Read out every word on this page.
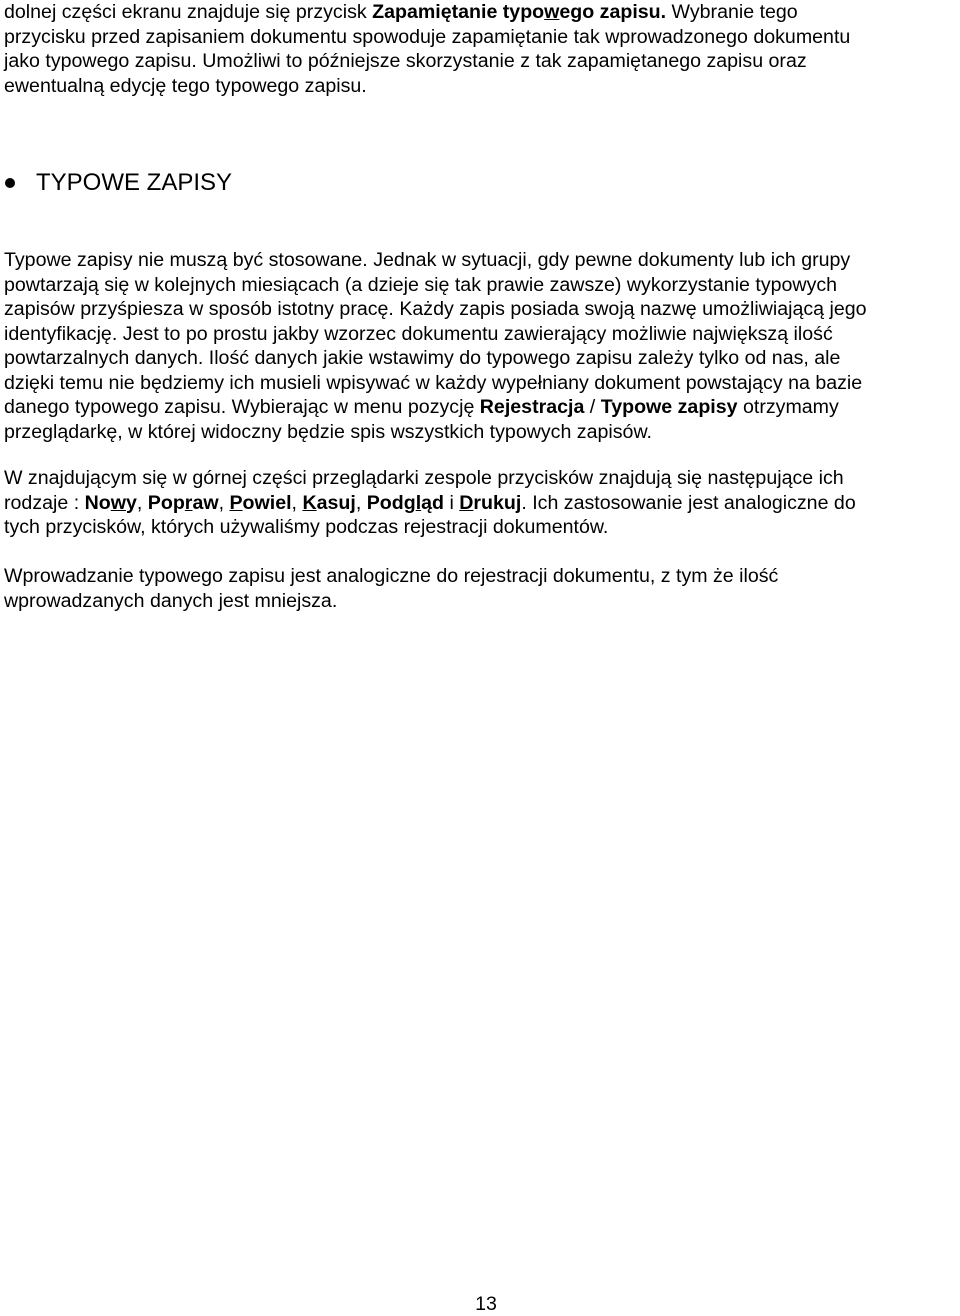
dolnej części ekranu znajduje się przycisk Zapamiętanie typowego zapisu. Wybranie tego
przycisku przed zapisaniem dokumentu spowoduje zapamiętanie tak wprowadzonego dokumentu
jako typowego zapisu. Umożliwi to późniejsze skorzystanie z tak zapamiętanego zapisu oraz
ewentualną edycję tego typowego zapisu.

TYPOWE ZAPISY

Typowe zapisy nie muszą być stosowane. Jednak w sytuacji, gdy pewne dokumenty lub ich grupy
powtarzają się w kolejnych miesiącach (a dzieje się tak prawie zawsze) wykorzystanie typowych
zapisów przyśpiesza w sposób istotny pracę. Każdy zapis posiada swoją nazwę umożliwiającą jego
identyfikację. Jest to po prostu jakby wzorzec dokumentu zawierający możliwie największą ilość
powtarzalnych danych. Ilość danych jakie wstawimy do typowego zapisu zależy tylko od nas, ale
dzięki temu nie będziemy ich musieli wpisywać w każdy wypełniany dokument powstający na bazie
danego typowego zapisu. Wybierając w menu pozycję Rejestracja / Typowe zapisy otrzymamy
przeglądarkę, w której widoczny będzie spis wszystkich typowych zapisów.

W znajdującym się w górnej części przeglądarki zespole przycisków znajdują się następujące ich
rodzaje : Nowy, Popraw, Powiel, Kasuj, Podgląd i Drukuj. Ich zastosowanie jest analogiczne do
tych przycisków, których używaliśmy podczas rejestracji dokumentów.

Wprowadzanie typowego zapisu jest analogiczne do rejestracji dokumentu, z tym że ilość
wprowadzanych danych jest mniejsza.

13
